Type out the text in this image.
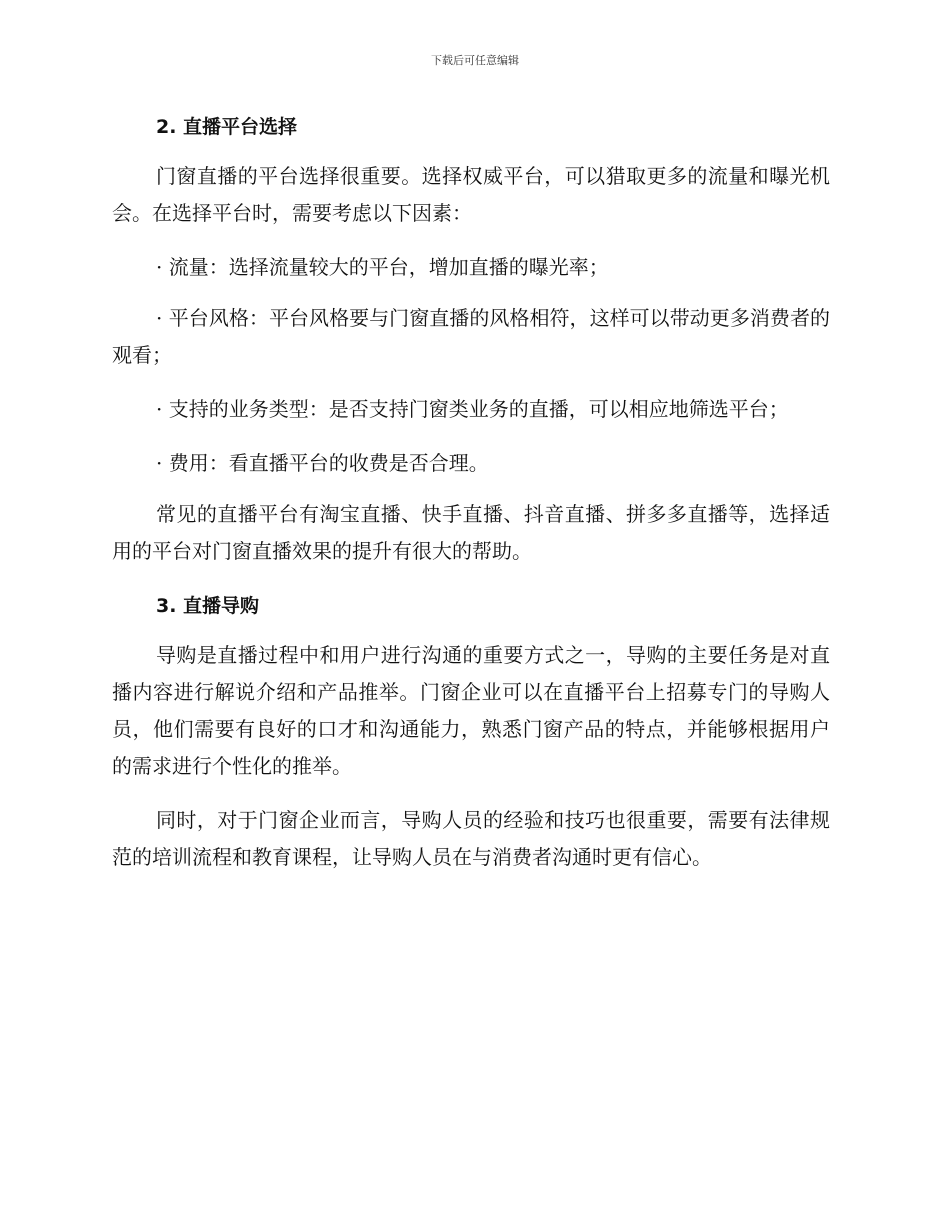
下载后可任意编辑
2. 直播平台选择

门窗直播的平台选择很重要。选择权威平台，可以猎取更多的流量和曝光机会。在选择平台时，需要考虑以下因素：

· 流量：选择流量较大的平台，增加直播的曝光率；

· 平台风格：平台风格要与门窗直播的风格相符，这样可以带动更多消费者的观看；

· 支持的业务类型：是否支持门窗类业务的直播，可以相应地筛选平台；

· 费用：看直播平台的收费是否合理。

常见的直播平台有淘宝直播、快手直播、抖音直播、拼多多直播等，选择适用的平台对门窗直播效果的提升有很大的帮助。

3. 直播导购

导购是直播过程中和用户进行沟通的重要方式之一，导购的主要任务是对直播内容进行解说介绍和产品推举。门窗企业可以在直播平台上招募专门的导购人员，他们需要有良好的口才和沟通能力，熟悉门窗产品的特点，并能够根据用户的需求进行个性化的推举。

同时，对于门窗企业而言，导购人员的经验和技巧也很重要，需要有法律规范的培训流程和教育课程，让导购人员在与消费者沟通时更有信心。
